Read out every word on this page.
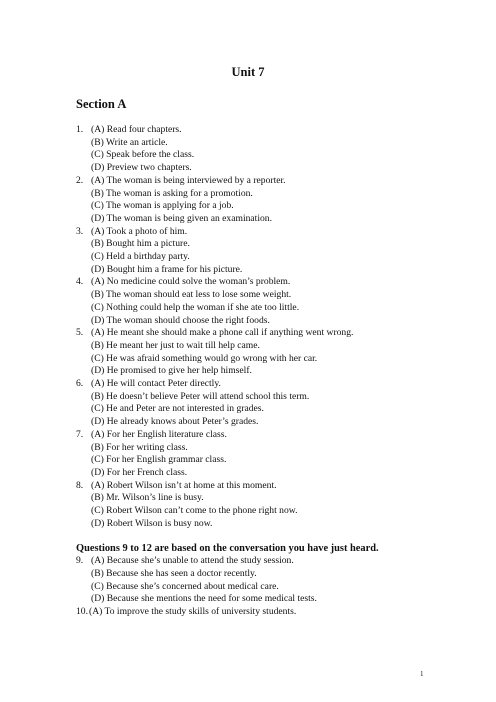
Unit 7
Section A
1. (A) Read four chapters.
(B) Write an article.
(C) Speak before the class.
(D) Preview two chapters.
2. (A) The woman is being interviewed by a reporter.
(B) The woman is asking for a promotion.
(C) The woman is applying for a job.
(D) The woman is being given an examination.
3. (A) Took a photo of him.
(B) Bought him a picture.
(C) Held a birthday party.
(D) Bought him a frame for his picture.
4. (A) No medicine could solve the woman’s problem.
(B) The woman should eat less to lose some weight.
(C) Nothing could help the woman if she ate too little.
(D) The woman should choose the right foods.
5. (A) He meant she should make a phone call if anything went wrong.
(B) He meant her just to wait till help came.
(C) He was afraid something would go wrong with her car.
(D) He promised to give her help himself.
6. (A) He will contact Peter directly.
(B) He doesn’t believe Peter will attend school this term.
(C) He and Peter are not interested in grades.
(D) He already knows about Peter’s grades.
7. (A) For her English literature class.
(B) For her writing class.
(C) For her English grammar class.
(D) For her French class.
8. (A) Robert Wilson isn’t at home at this moment.
(B) Mr. Wilson’s line is busy.
(C) Robert Wilson can’t come to the phone right now.
(D) Robert Wilson is busy now.
Questions 9 to 12 are based on the conversation you have just heard.
9. (A) Because she’s unable to attend the study session.
(B) Because she has seen a doctor recently.
(C) Because she’s concerned about medical care.
(D) Because she mentions the need for some medical tests.
10. (A) To improve the study skills of university students.
1
